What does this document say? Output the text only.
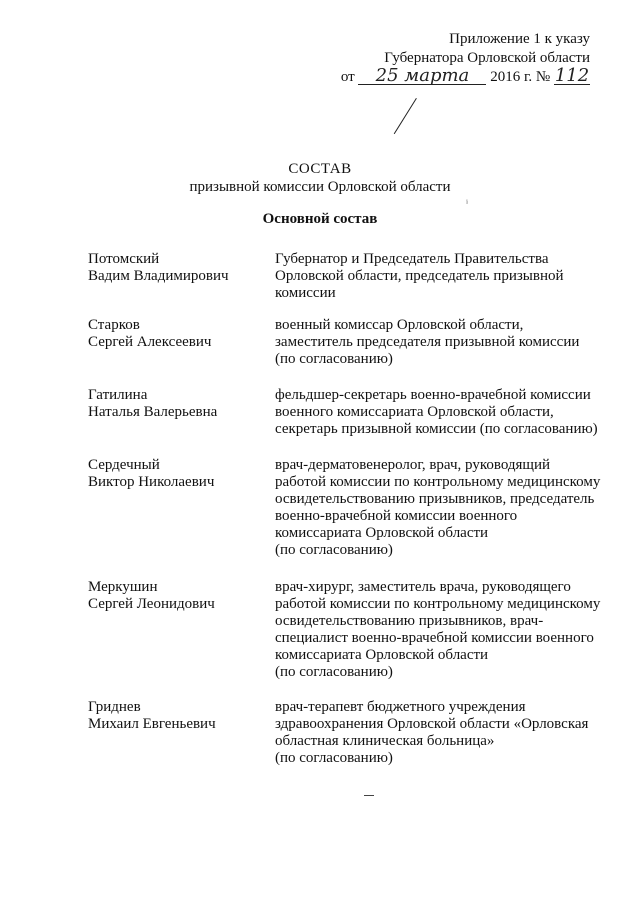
Приложение 1 к указу
Губернатора Орловской области
от 25 марта 2016 г. № 112
СОСТАВ
призывной комиссии Орловской области
ⁱ
Основной состав
Потомский
Вадим Владимирович
Губернатор и Председатель Правительства
Орловской области, председатель призывной
комиссии
Старков
Сергей Алексеевич
военный комиссар Орловской области,
заместитель председателя призывной комиссии
(по согласованию)
Гатилина
Наталья Валерьевна
фельдшер-секретарь военно-врачебной комиссии
военного комиссариата Орловской области,
секретарь призывной комиссии (по согласованию)
Сердечный
Виктор Николаевич
врач-дерматовенеролог, врач, руководящий
работой комиссии по контрольному медицинскому
освидетельствованию призывников, председатель
военно-врачебной комиссии военного
комиссариата Орловской области
(по согласованию)
Меркушин
Сергей Леонидович
врач-хирург, заместитель врача, руководящего
работой комиссии по контрольному медицинскому
освидетельствованию призывников, врач-
специалист военно-врачебной комиссии военного
комиссариата Орловской области
(по согласованию)
Гриднев
Михаил Евгеньевич
врач-терапевт бюджетного учреждения
здравоохранения Орловской области «Орловская
областная клиническая больница»
(по согласованию)
